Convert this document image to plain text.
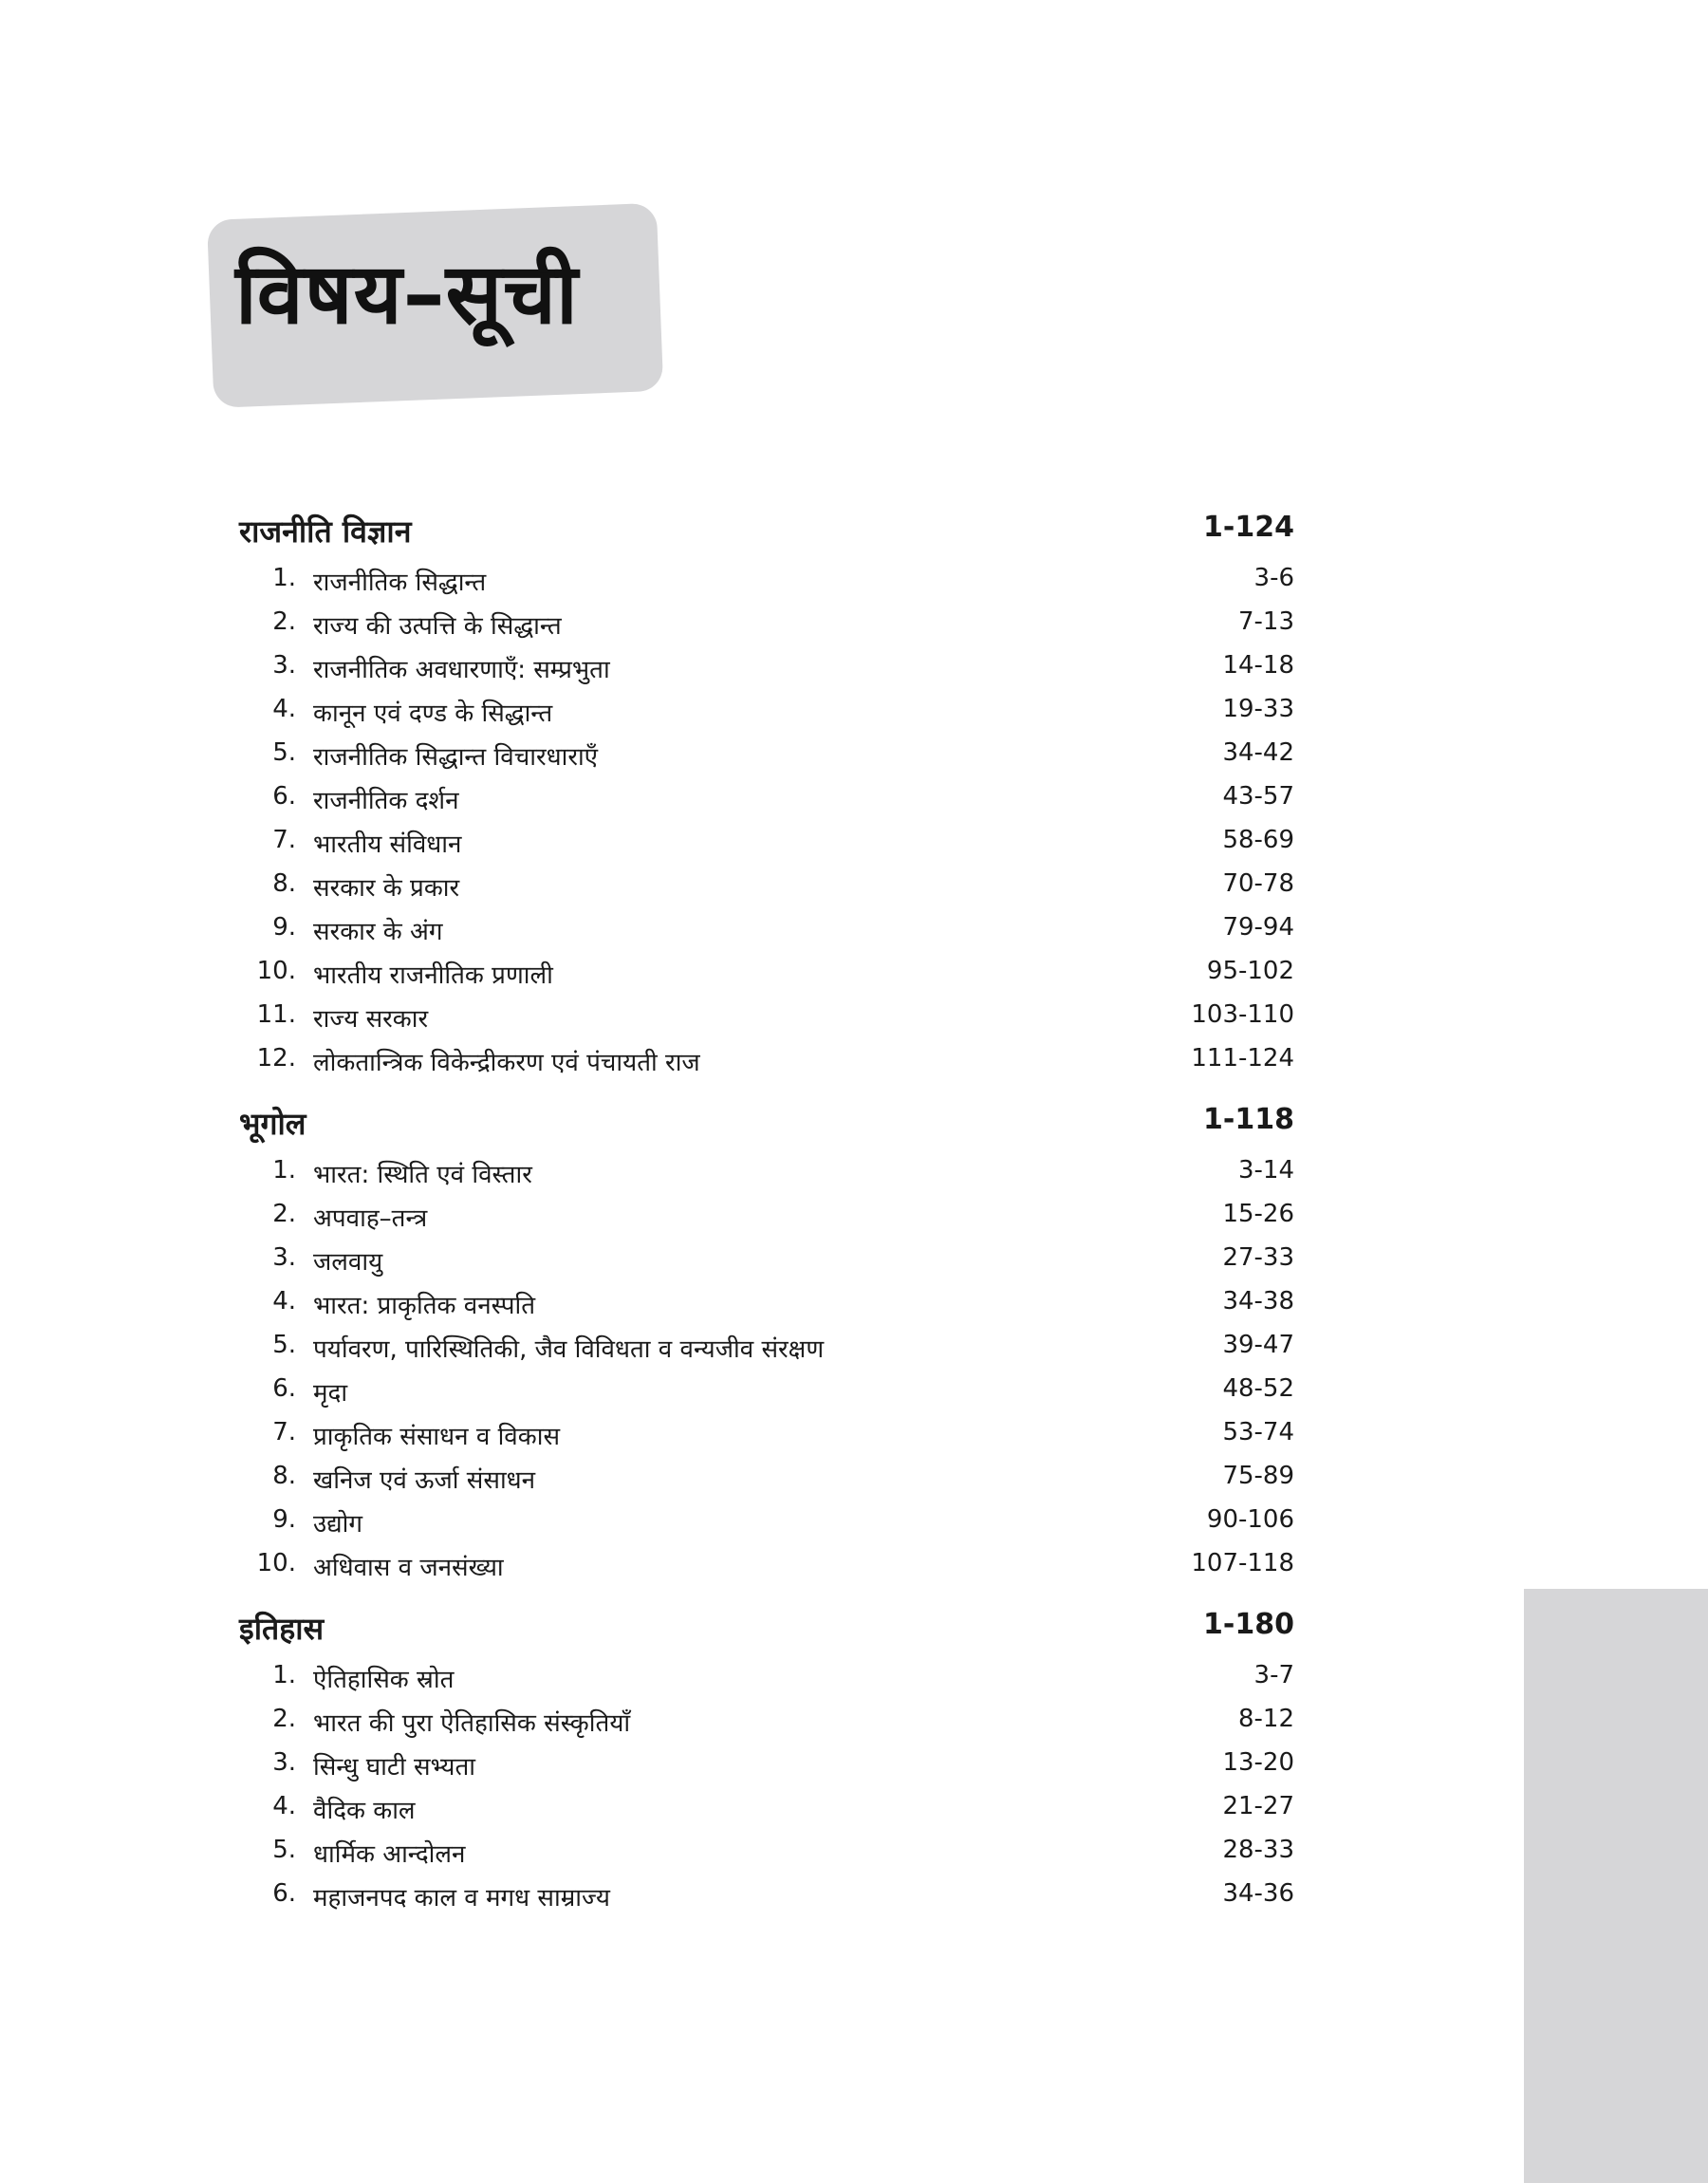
विषय–सूची
राजनीति विज्ञान	1-124
1. राजनीतिक सिद्धान्त	3-6
2. राज्य की उत्पत्ति के सिद्धान्त	7-13
3. राजनीतिक अवधारणाएँ: सम्प्रभुता	14-18
4. कानून एवं दण्ड के सिद्धान्त	19-33
5. राजनीतिक सिद्धान्त विचारधाराएँ	34-42
6. राजनीतिक दर्शन	43-57
7. भारतीय संविधान	58-69
8. सरकार के प्रकार	70-78
9. सरकार के अंग	79-94
10. भारतीय राजनीतिक प्रणाली	95-102
11. राज्य सरकार	103-110
12. लोकतान्त्रिक विकेन्द्रीकरण एवं पंचायती राज	111-124
भूगोल	1-118
1. भारत: स्थिति एवं विस्तार	3-14
2. अपवाह–तन्त्र	15-26
3. जलवायु	27-33
4. भारत: प्राकृतिक वनस्पति	34-38
5. पर्यावरण, पारिस्थितिकी, जैव विविधता व वन्यजीव संरक्षण	39-47
6. मृदा	48-52
7. प्राकृतिक संसाधन व विकास	53-74
8. खनिज एवं ऊर्जा संसाधन	75-89
9. उद्योग	90-106
10. अधिवास व जनसंख्या	107-118
इतिहास	1-180
1. ऐतिहासिक स्रोत	3-7
2. भारत की पुरा ऐतिहासिक संस्कृतियाँ	8-12
3. सिन्धु घाटी सभ्यता	13-20
4. वैदिक काल	21-27
5. धार्मिक आन्दोलन	28-33
6. महाजनपद काल व मगध साम्राज्य	34-36
